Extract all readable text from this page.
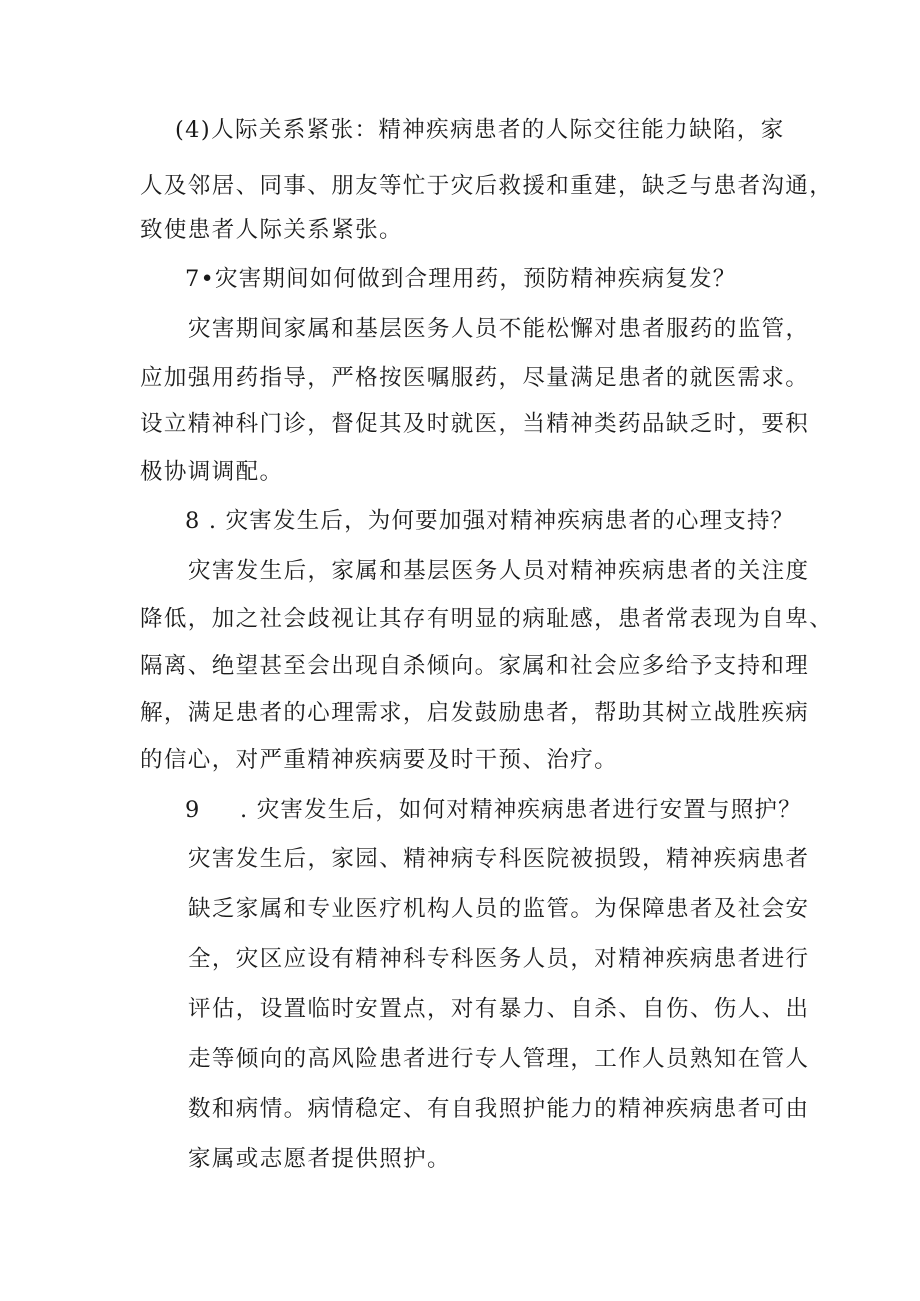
(4)人际关系紧张：精神疾病患者的人际交往能力缺陷，家
人及邻居、同事、朋友等忙于灾后救援和重建，缺乏与患者沟通，
致使患者人际关系紧张。
7•灾害期间如何做到合理用药，预防精神疾病复发？
灾害期间家属和基层医务人员不能松懈对患者服药的监管，
应加强用药指导，严格按医嘱服药，尽量满足患者的就医需求。
设立精神科门诊，督促其及时就医，当精神类药品缺乏时，要积
极协调调配。
8 . 灾害发生后，为何要加强对精神疾病患者的心理支持？
灾害发生后，家属和基层医务人员对精神疾病患者的关注度
降低，加之社会歧视让其存有明显的病耻感，患者常表现为自卑、
隔离、绝望甚至会出现自杀倾向。家属和社会应多给予支持和理
解，满足患者的心理需求，启发鼓励患者，帮助其树立战胜疾病
的信心，对严重精神疾病要及时干预、治疗。
9 . 灾害发生后，如何对精神疾病患者进行安置与照护？
灾害发生后，家园、精神病专科医院被损毁，精神疾病患者
缺乏家属和专业医疗机构人员的监管。为保障患者及社会安
全，灾区应设有精神科专科医务人员，对精神疾病患者进行
评估，设置临时安置点，对有暴力、自杀、自伤、伤人、出
走等倾向的高风险患者进行专人管理，工作人员熟知在管人
数和病情。病情稳定、有自我照护能力的精神疾病患者可由
家属或志愿者提供照护。
